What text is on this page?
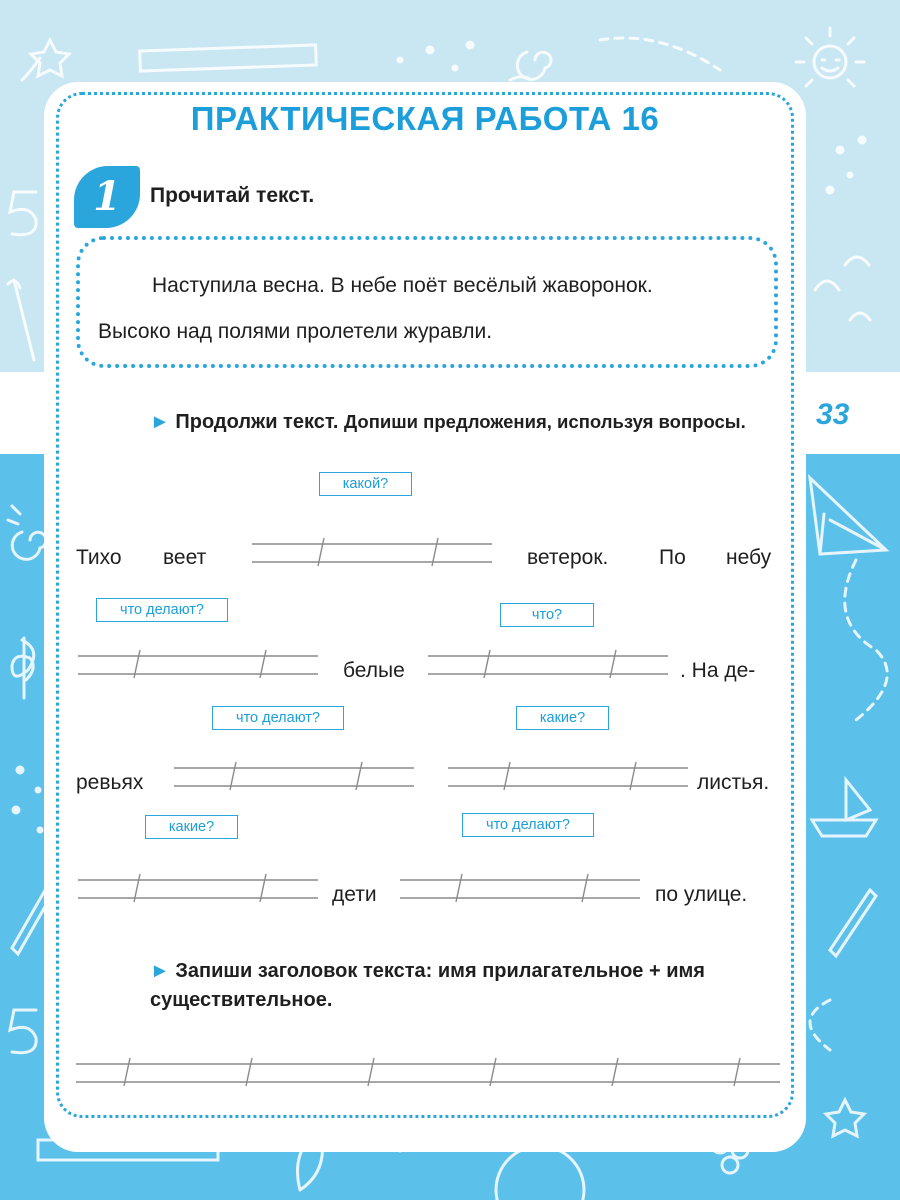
33

ПРАКТИЧЕСКАЯ РАБОТА 16
1	Прочитай текст.

Наступила весна. В небе поёт весёлый жаворонок.

Высоко над полями пролетели журавли.

► Продолжи текст. Допиши предложения, используя вопросы.

какой?
что делают?	что?
что делают?	какие?
какие?	что делают?

Тихо веет	ветерок. По небу

белые	. На де-

ревьях	листья.

дети	по улице.

► Запиши заголовок текста: имя прилагательное + имя существительное.
